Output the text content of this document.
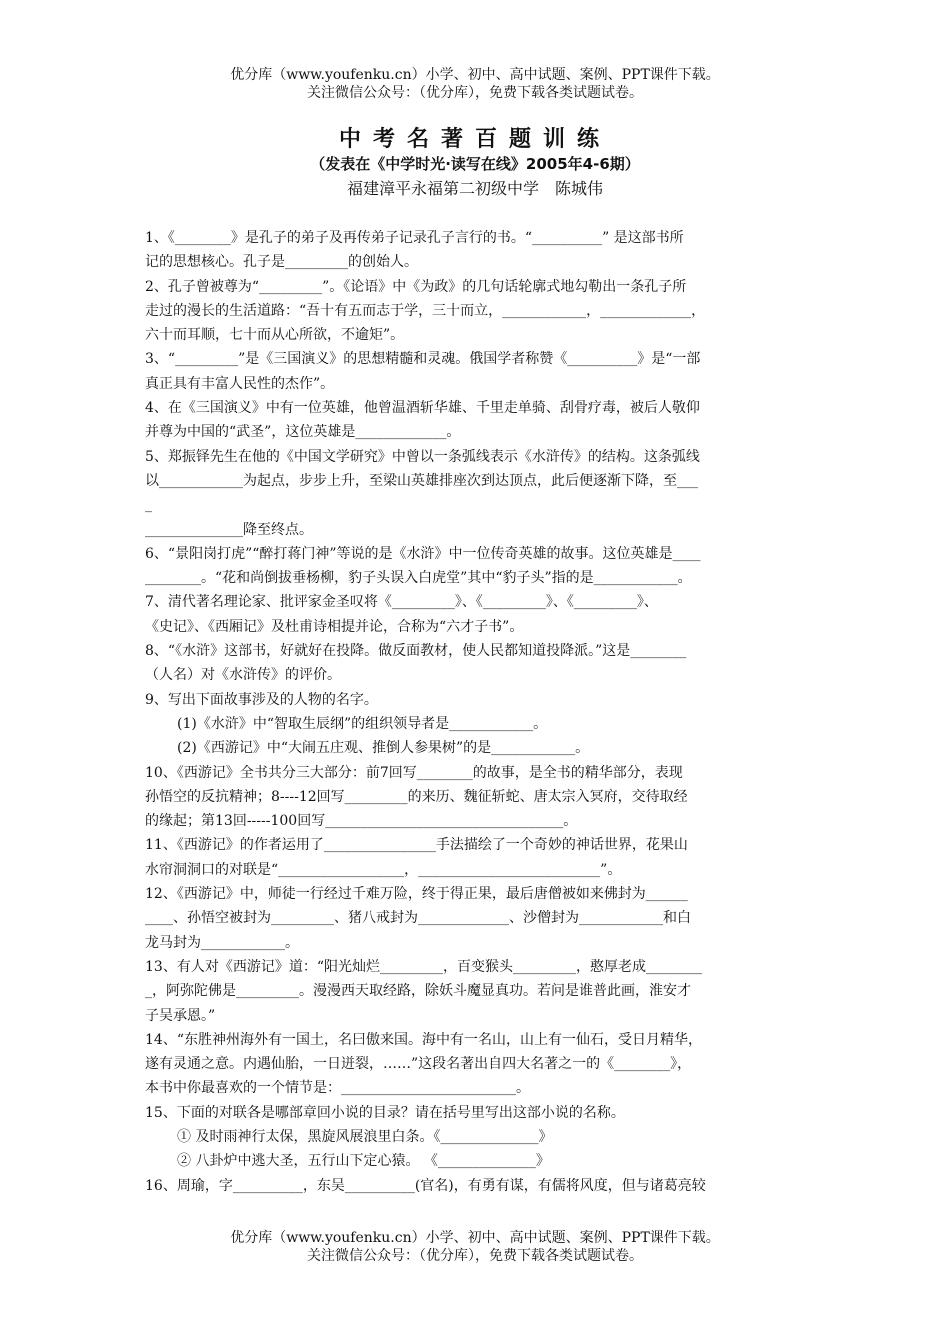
优分库（www.youfenku.cn）小学、初中、高中试题、案例、PPT课件下载。
关注微信公众号：（优分库），免费下载各类试题试卷。
中考名著百题训练
（发表在《中学时光·读写在线》2005年4-6期）
福建漳平永福第二初级中学　陈城伟
1、《________》是孔子的弟子及再传弟子记录孔子言行的书。“__________” 是这部书所
记的思想核心。孔子是_________的创始人。
2、孔子曾被尊为“_________”。《论语》中《为政》的几句话轮廓式地勾勒出一条孔子所
走过的漫长的生活道路：“吾十有五而志于学，三十而立，____________，_____________，
六十而耳顺，七十而从心所欲，不逾矩”。
3、“_________”是《三国演义》的思想精髓和灵魂。俄国学者称赞《__________》是“一部
真正具有丰富人民性的杰作”。
4、在《三国演义》中有一位英雄，他曾温酒斩华雄、千里走单骑、刮骨疗毒，被后人敬仰
并尊为中国的“武圣”，这位英雄是_____________。
5、郑振铎先生在他的《中国文学研究》中曾以一条弧线表示《水浒传》的结构。这条弧线
以____________为起点，步步上升，至梁山英雄排座次到达顶点，此后便逐渐下降，至___
_
______________降至终点。
6、“景阳岗打虎”“醉打蒋门神”等说的是《水浒》中一位传奇英雄的故事。这位英雄是____
________。“花和尚倒拔垂杨柳，豹子头误入白虎堂”其中“豹子头”指的是____________。
7、清代著名理论家、批评家金圣叹将《_________》、《_________》、《_________》、
《史记》、《西厢记》及杜甫诗相提并论，合称为“六才子书”。
8、“《水浒》这部书，好就好在投降。做反面教材，使人民都知道投降派。”这是________
（人名）对《水浒传》的评价。
9、写出下面故事涉及的人物的名字。
(1)《水浒》中“智取生辰纲”的组织领导者是____________。
(2)《西游记》中“大闹五庄观、推倒人参果树”的是____________。
10、《西游记》全书共分三大部分：前7回写________的故事，是全书的精华部分，表现
孙悟空的反抗精神；8----12回写_________的来历、魏征斩蛇、唐太宗入冥府，交待取经
的缘起；第13回-----100回写__________________________________。
11、《西游记》的作者运用了________________手法描绘了一个奇妙的神话世界，花果山
水帘洞洞口的对联是“__________________，__________________________”。
12、《西游记》中，师徒一行经过千难万险，终于得正果，最后唐僧被如来佛封为______
____、孙悟空被封为_________、猪八戒封为_____________、沙僧封为____________和白
龙马封为____________。
13、有人对《西游记》道：“阳光灿烂_________，百变猴头_________，憨厚老成________
_，阿弥陀佛是_________。漫漫西天取经路，除妖斗魔显真功。若问是谁普此画，淮安才
子吴承恩。”
14、“东胜神州海外有一国土，名曰傲来国。海中有一名山，山上有一仙石，受日月精华，
遂有灵通之意。内遇仙胎，一日迸裂，……”这段名著出自四大名著之一的《________》，
本书中你最喜欢的一个情节是：_________________________。
15、下面的对联各是哪部章回小说的目录？请在括号里写出这部小说的名称。
① 及时雨神行太保，黑旋风展浪里白条。《______________》
② 八卦炉中逃大圣，五行山下定心猿。 《______________》
16、周瑜，字__________，东吴__________(官名)，有勇有谋，有儒将风度，但与诸葛亮较
优分库（www.youfenku.cn）小学、初中、高中试题、案例、PPT课件下载。
关注微信公众号：（优分库），免费下载各类试题试卷。
